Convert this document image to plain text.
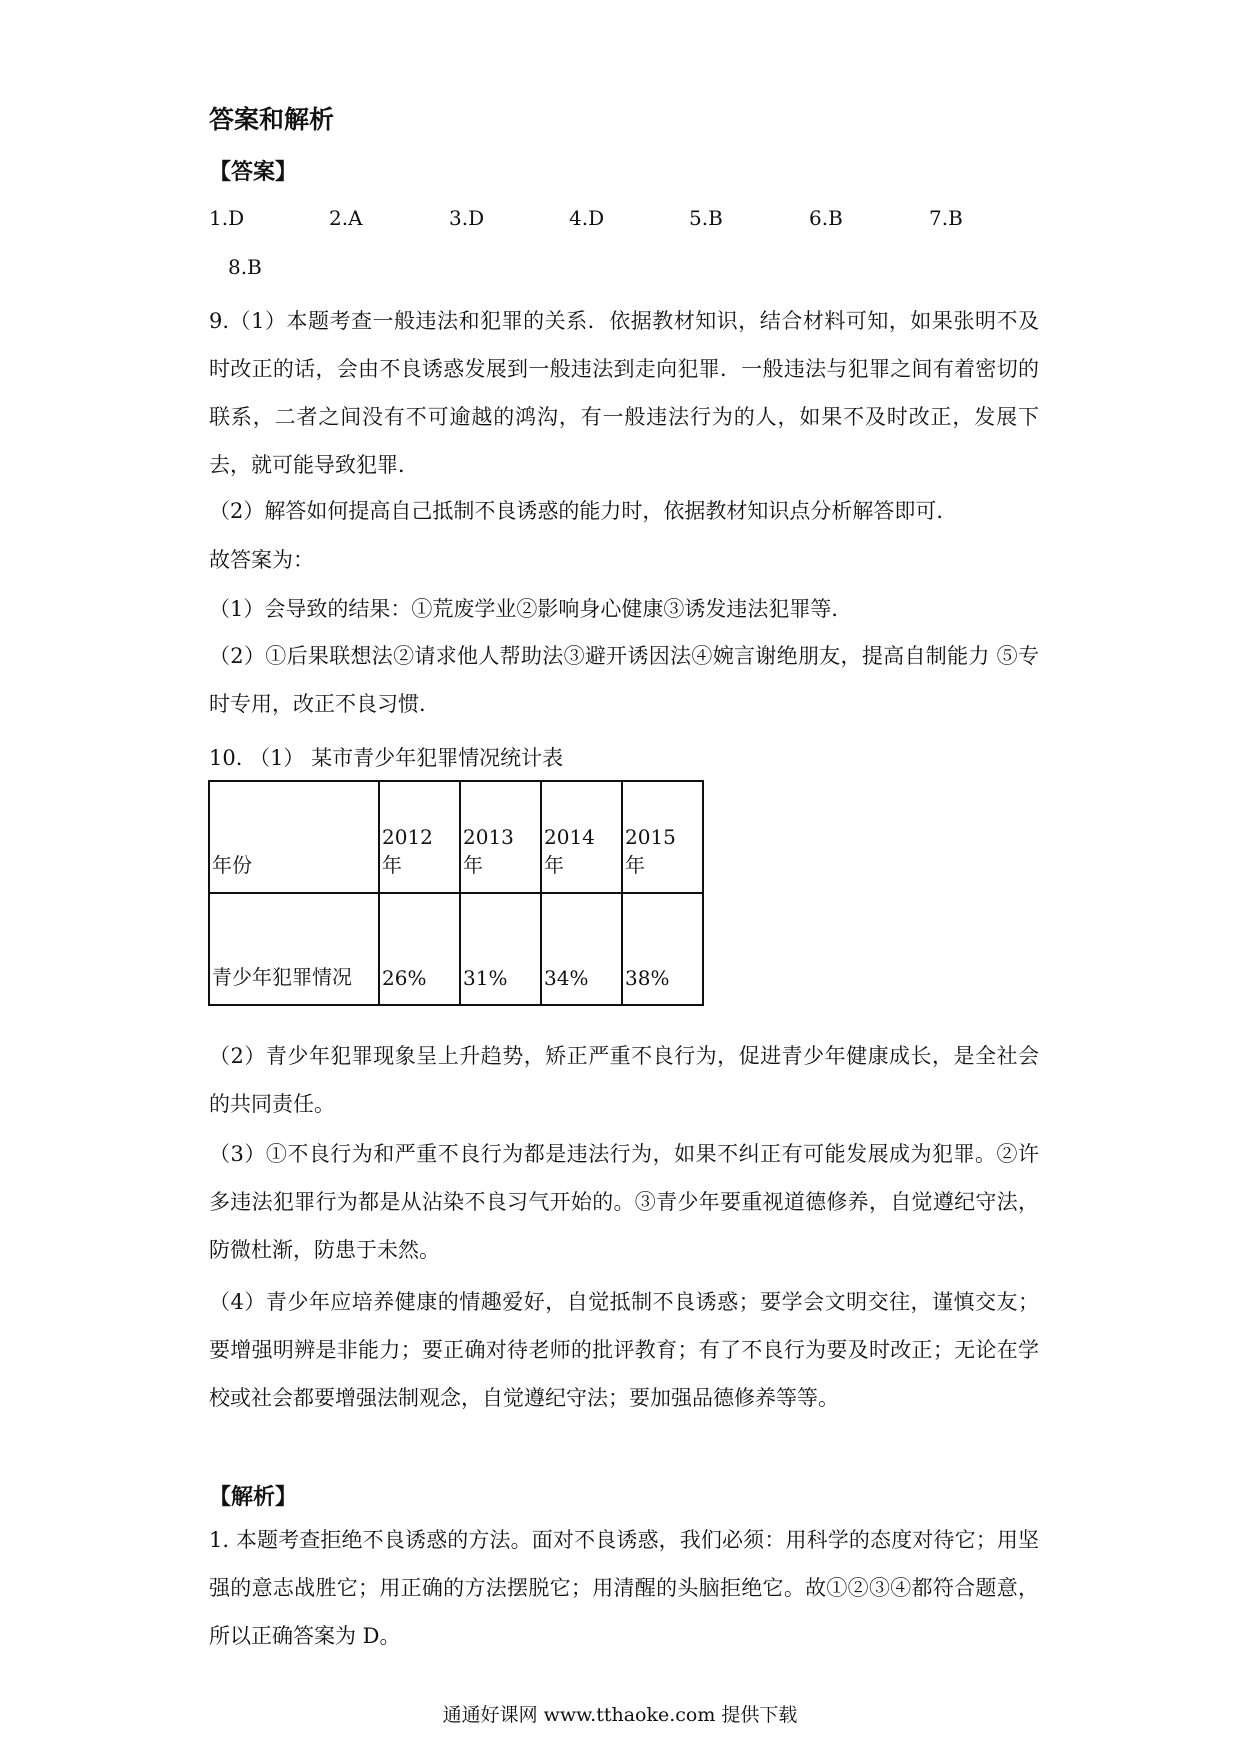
答案和解析
【答案】
1.D	2.A	3.D	4.D	5.B	6.B	7.B
8.B
9.（1）本题考查一般违法和犯罪的关系．依据教材知识，结合材料可知，如果张明不及时改正的话，会由不良诱惑发展到一般违法到走向犯罪．一般违法与犯罪之间有着密切的联系，二者之间没有不可逾越的鸿沟，有一般违法行为的人，如果不及时改正，发展下去，就可能导致犯罪．
（2）解答如何提高自己抵制不良诱惑的能力时，依据教材知识点分析解答即可．
故答案为：
（1）会导致的结果：①荒废学业②影响身心健康③诱发违法犯罪等．
（2）①后果联想法②请求他人帮助法③避开诱因法④婉言谢绝朋友，提高自制能力 ⑤专时专用，改正不良习惯．
10. （1） 某市青少年犯罪情况统计表
年份	2012 年	2013 年	2014 年	2015 年
青少年犯罪情况	26%	31%	34%	38%
（2）青少年犯罪现象呈上升趋势，矫正严重不良行为，促进青少年健康成长，是全社会的共同责任。
（3）①不良行为和严重不良行为都是违法行为，如果不纠正有可能发展成为犯罪。②许多违法犯罪行为都是从沾染不良习气开始的。③青少年要重视道德修养，自觉遵纪守法，防微杜渐，防患于未然。
（4）青少年应培养健康的情趣爱好，自觉抵制不良诱惑；要学会文明交往，谨慎交友；要增强明辨是非能力；要正确对待老师的批评教育；有了不良行为要及时改正；无论在学校或社会都要增强法制观念，自觉遵纪守法；要加强品德修养等等。
【解析】
1. 本题考查拒绝不良诱惑的方法。面对不良诱惑，我们必须：用科学的态度对待它；用坚强的意志战胜它；用正确的方法摆脱它；用清醒的头脑拒绝它。故①②③④都符合题意，所以正确答案为 D。
通通好课网 www.tthaoke.com 提供下载
